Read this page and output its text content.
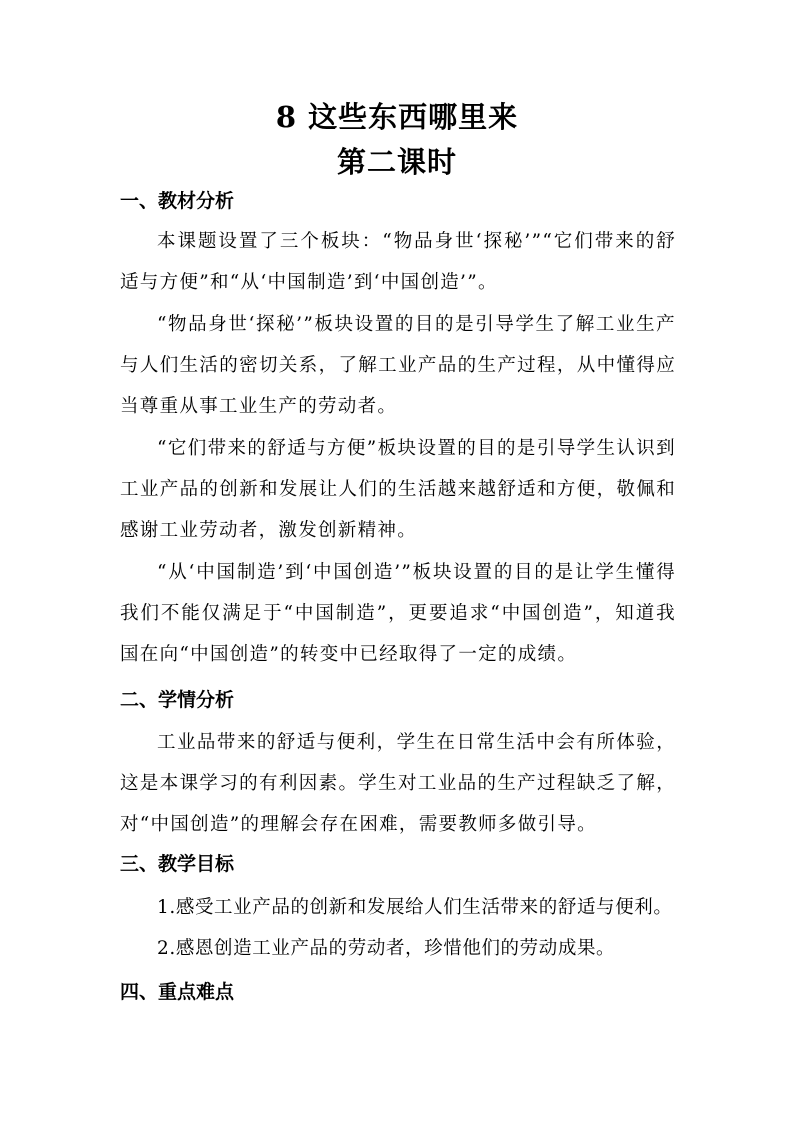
8 这些东西哪里来
第二课时
一、教材分析
本课题设置了三个板块：“物品身世‘探秘’”“它们带来的舒适与方便”和“从‘中国制造’到‘中国创造’”。
“物品身世‘探秘’”板块设置的目的是引导学生了解工业生产与人们生活的密切关系，了解工业产品的生产过程，从中懂得应当尊重从事工业生产的劳动者。
“它们带来的舒适与方便”板块设置的目的是引导学生认识到工业产品的创新和发展让人们的生活越来越舒适和方便，敬佩和感谢工业劳动者，激发创新精神。
“从‘中国制造’到‘中国创造’”板块设置的目的是让学生懂得我们不能仅满足于“中国制造”，更要追求“中国创造”，知道我国在向“中国创造”的转变中已经取得了一定的成绩。
二、学情分析
工业品带来的舒适与便利，学生在日常生活中会有所体验，这是本课学习的有利因素。学生对工业品的生产过程缺乏了解，对“中国创造”的理解会存在困难，需要教师多做引导。
三、教学目标
1.感受工业产品的创新和发展给人们生活带来的舒适与便利。
2.感恩创造工业产品的劳动者，珍惜他们的劳动成果。
四、重点难点
